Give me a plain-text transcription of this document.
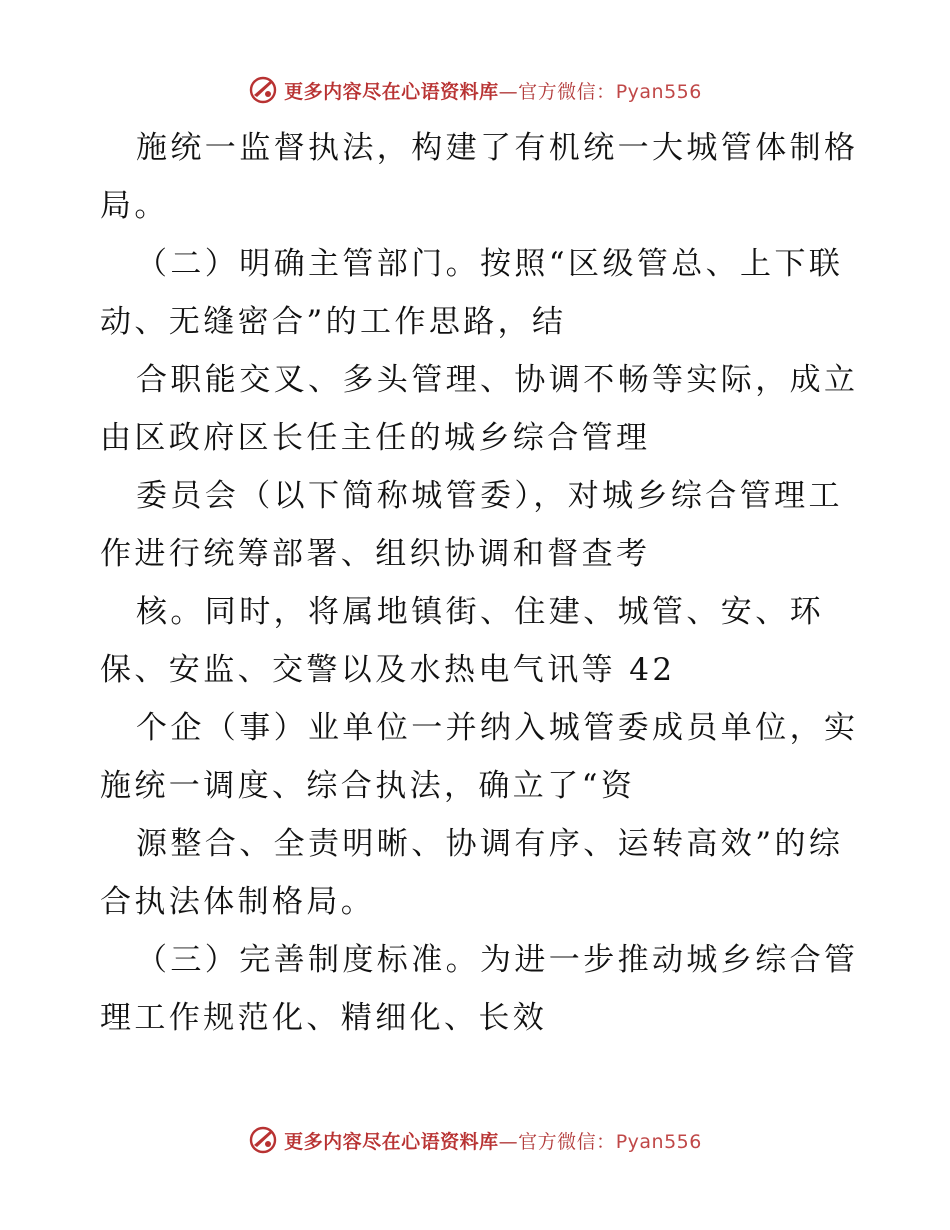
更多内容尽在心语资料库—官方微信：Pyan556
施统一监督执法，构建了有机统一大城管体制格
局。
（二）明确主管部门。按照“区级管总、上下联
动、无缝密合”的工作思路，结
合职能交叉、多头管理、协调不畅等实际，成立
由区政府区长任主任的城乡综合管理
委员会（以下简称城管委），对城乡综合管理工
作进行统筹部署、组织协调和督查考
核。同时，将属地镇街、住建、城管、安、环
保、安监、交警以及水热电气讯等 42
个企（事）业单位一并纳入城管委成员单位，实
施统一调度、综合执法，确立了“资
源整合、全责明晰、协调有序、运转高效”的综
合执法体制格局。
（三）完善制度标准。为进一步推动城乡综合管
理工作规范化、精细化、长效
更多内容尽在心语资料库—官方微信：Pyan556
